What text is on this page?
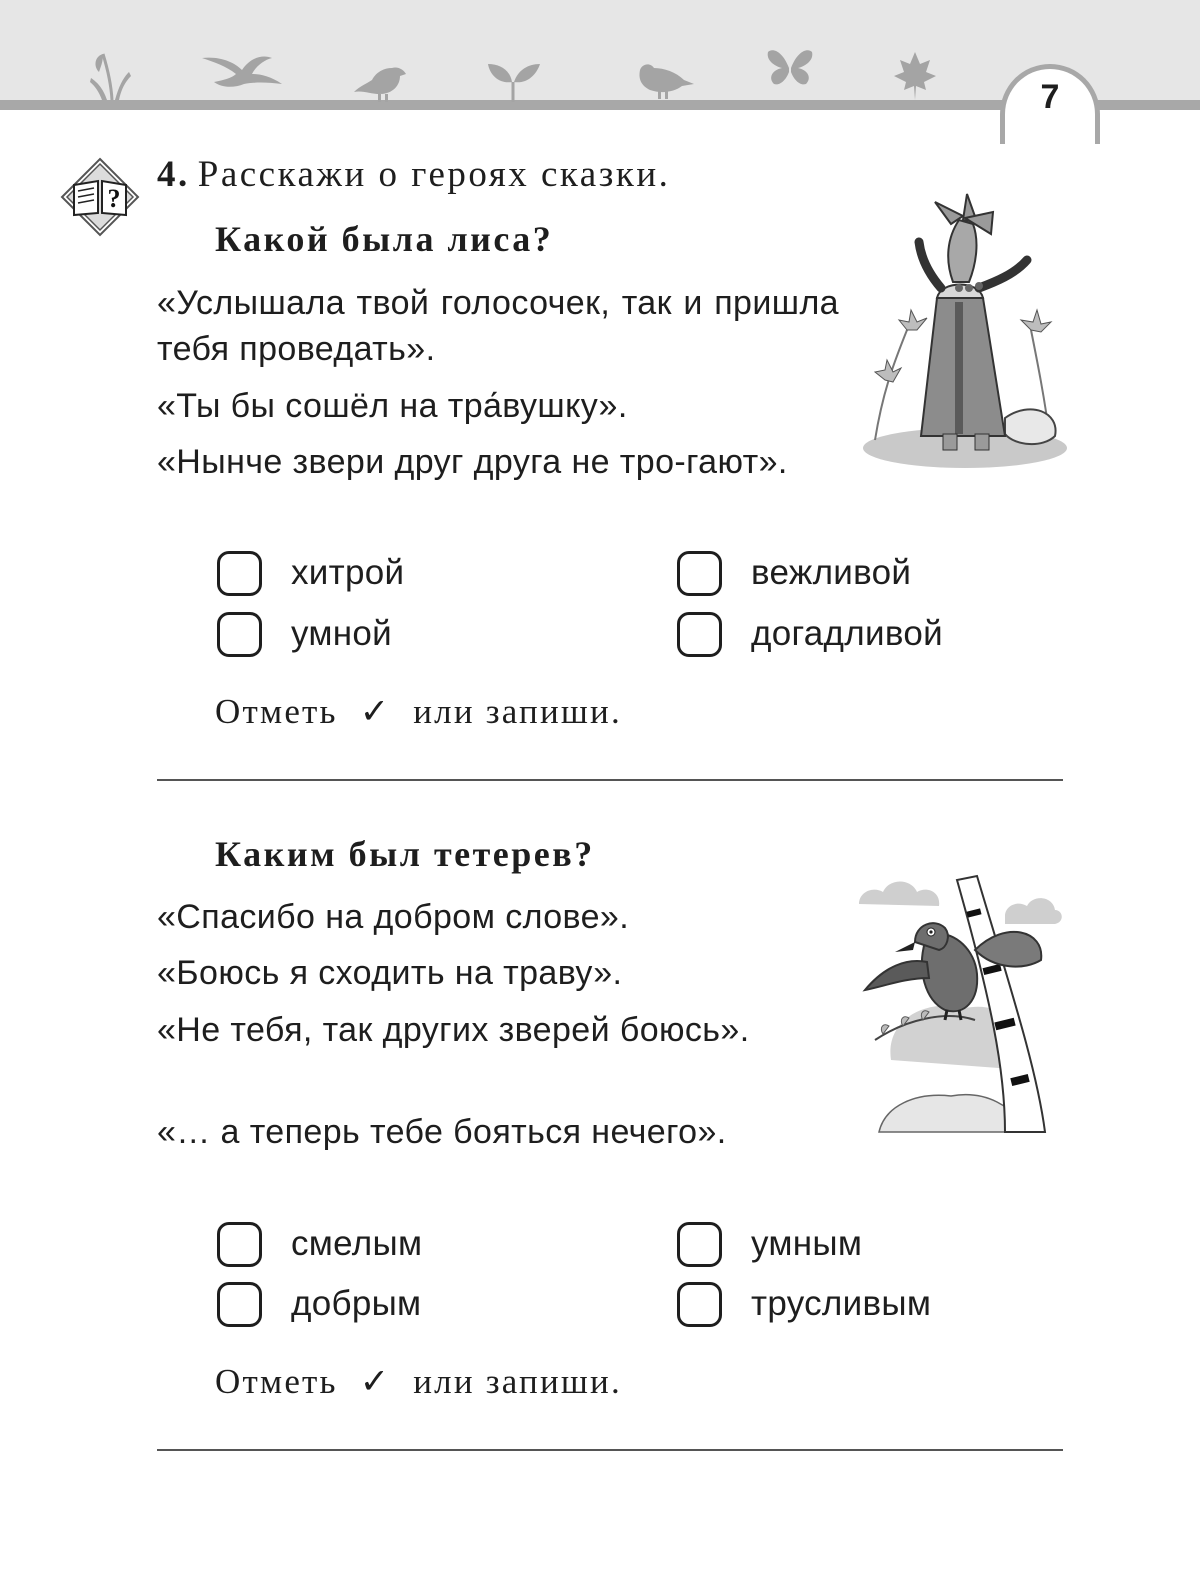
7
?
4. Расскажи о героях сказки.
Какой была лиса?
«Услышала твой голосочек, так и пришла тебя проведать».
«Ты бы сошёл на тра́вушку».
«Нынче звери друг друга не тро-гают».
хитрой	вежливой
умной	догадливой
Отметь ✓ или запиши.
Каким был тетерев?
«Спасибо на добром слове».
«Боюсь я сходить на траву».
«Не тебя, так других зверей боюсь».
«… а теперь тебе бояться нечего».
смелым	умным
добрым	трусливым
Отметь ✓ или запиши.
